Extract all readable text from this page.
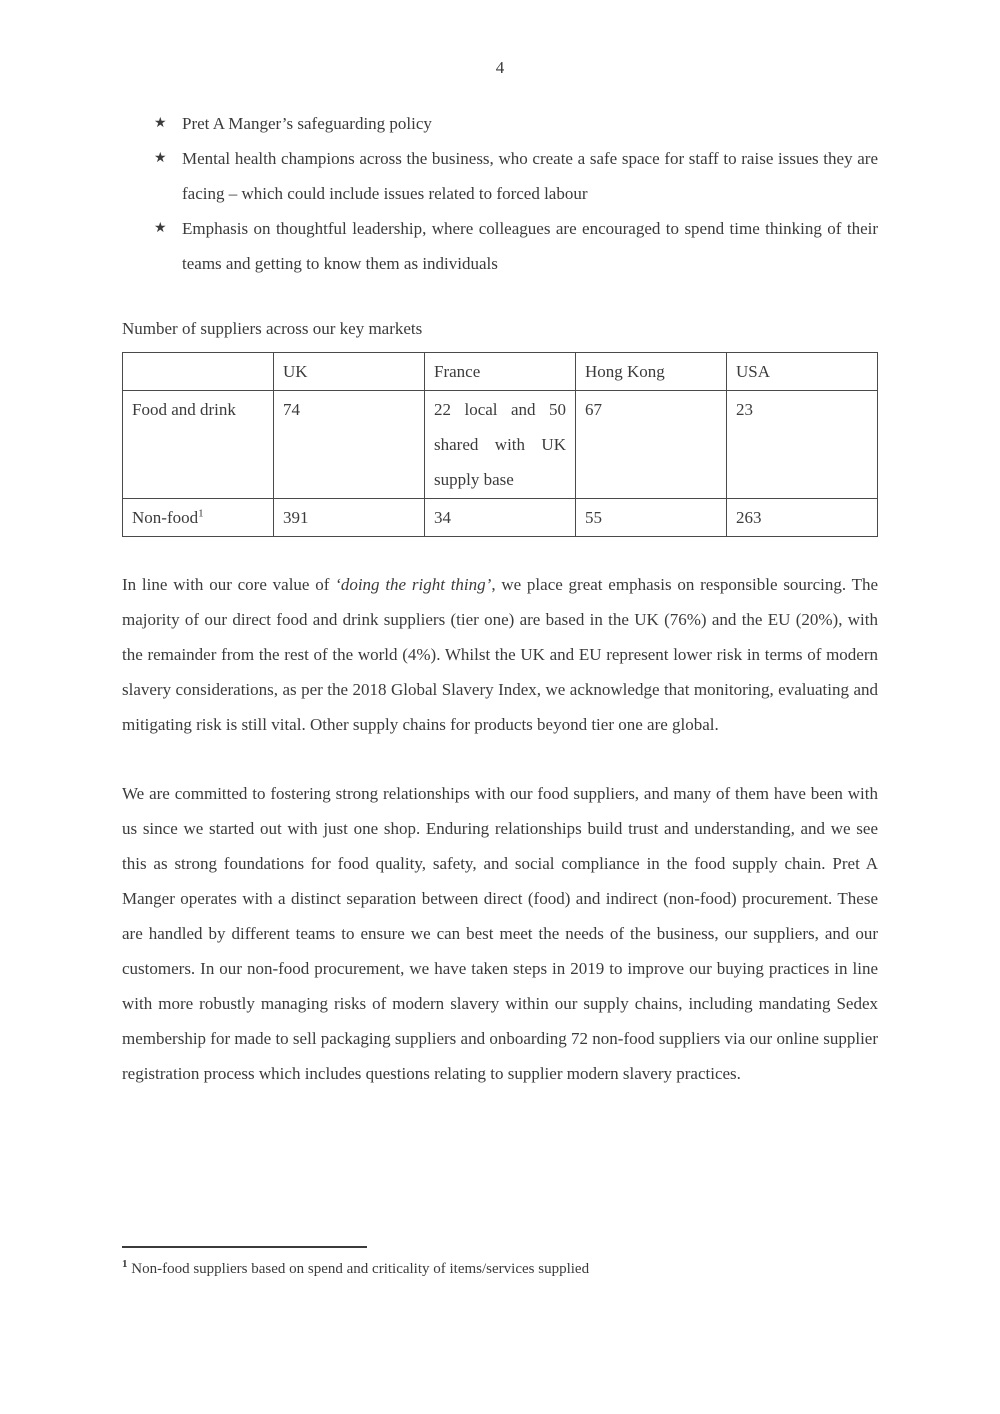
4
★ Pret A Manger’s safeguarding policy
★ Mental health champions across the business, who create a safe space for staff to raise issues they are facing – which could include issues related to forced labour
★ Emphasis on thoughtful leadership, where colleagues are encouraged to spend time thinking of their teams and getting to know them as individuals

Number of suppliers across our key markets

	UK	France	Hong Kong	USA
Food and drink	74	22 local and 50 shared with UK supply base	67	23
Non-food$^1$	391	34	55	263

In line with our core value of ‘doing the right thing’, we place great emphasis on responsible sourcing. The majority of our direct food and drink suppliers (tier one) are based in the UK (76%) and the EU (20%), with the remainder from the rest of the world (4%). Whilst the UK and EU represent lower risk in terms of modern slavery considerations, as per the 2018 Global Slavery Index, we acknowledge that monitoring, evaluating and mitigating risk is still vital. Other supply chains for products beyond tier one are global.

We are committed to fostering strong relationships with our food suppliers, and many of them have been with us since we started out with just one shop. Enduring relationships build trust and understanding, and we see this as strong foundations for food quality, safety, and social compliance in the food supply chain. Pret A Manger operates with a distinct separation between direct (food) and indirect (non-food) procurement. These are handled by different teams to ensure we can best meet the needs of the business, our suppliers, and our customers. In our non-food procurement, we have taken steps in 2019 to improve our buying practices in line with more robustly managing risks of modern slavery within our supply chains, including mandating Sedex membership for made to sell packaging suppliers and onboarding 72 non-food suppliers via our online supplier registration process which includes questions relating to supplier modern slavery practices.

$^1$ Non-food suppliers based on spend and criticality of items/services supplied
